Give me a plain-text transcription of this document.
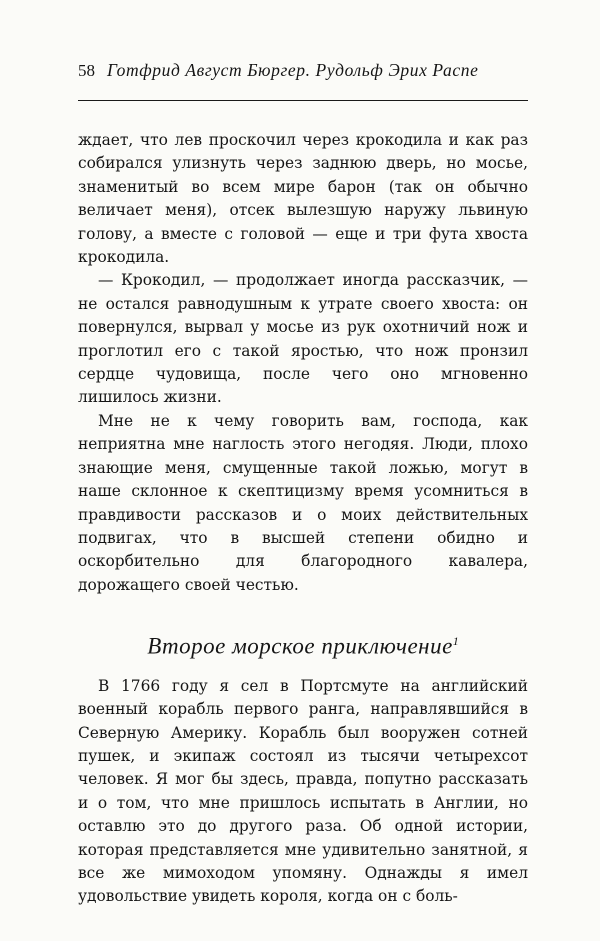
58 Готфрид Август Бюргер. Рудольф Эрих Распе

ждает, что лев проскочил через крокодила и как раз собирался улизнуть через заднюю дверь, но мосье, знаменитый во всем мире барон (так он обычно величает меня), отсек вылезшую наружу львиную голову, а вместе с головой — еще и три фута хвоста крокодила.

— Крокодил, — продолжает иногда рассказчик, — не остался равнодушным к утрате своего хвоста: он повернулся, вырвал у мосье из рук охотничий нож и проглотил его с такой яростью, что нож пронзил сердце чудовища, после чего оно мгновенно лишилось жизни.

Мне не к чему говорить вам, господа, как неприятна мне наглость этого негодяя. Люди, плохо знающие меня, смущенные такой ложью, могут в наше склонное к скептицизму время усомниться в правдивости рассказов и о моих действительных подвигах, что в высшей степени обидно и оскорбительно для благородного кавалера, дорожащего своей честью.

Второе морское приключение$^1$

В 1766 году я сел в Портсмуте на английский военный корабль первого ранга, направлявшийся в Северную Америку. Корабль был вооружен сотней пушек, и экипаж состоял из тысячи четырехсот человек. Я мог бы здесь, правда, попутно рассказать и о том, что мне пришлось испытать в Англии, но оставлю это до другого раза. Об одной истории, которая представляется мне удивительно занятной, я все же мимоходом упомяну. Однажды я имел удовольствие увидеть короля, когда он с боль-
